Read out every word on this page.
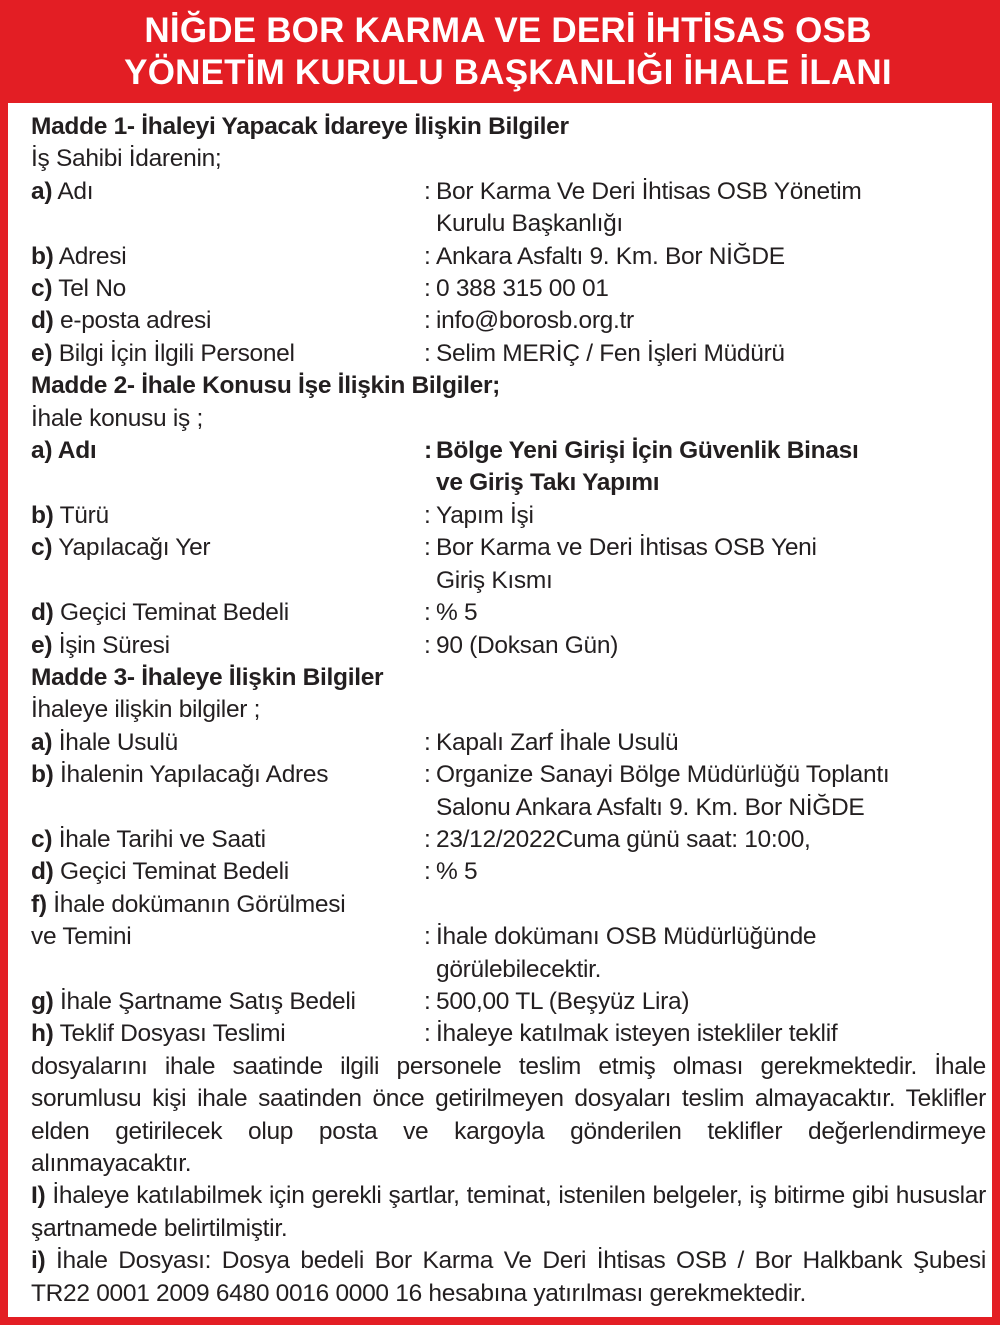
NİĞDE BOR KARMA VE DERİ İHTİSAS OSB
YÖNETİM KURULU BAŞKANLIĞI İHALE İLANI
Madde 1- İhaleyi Yapacak İdareye İlişkin Bilgiler
İş Sahibi İdarenin;
a) Adı	: Bor Karma Ve Deri İhtisas OSB Yönetim
Kurulu Başkanlığı
b) Adresi	: Ankara Asfaltı 9. Km. Bor NİĞDE
c) Tel No	: 0 388 315 00 01
d) e-posta adresi	: info@borosb.org.tr
e) Bilgi İçin İlgili Personel	: Selim MERİÇ / Fen İşleri Müdürü
Madde 2- İhale Konusu İşe İlişkin Bilgiler;
İhale konusu iş ;
a) Adı	: Bölge Yeni Girişi İçin Güvenlik Binası
ve Giriş Takı Yapımı
b) Türü	: Yapım İşi
c) Yapılacağı Yer	: Bor Karma ve Deri İhtisas OSB Yeni
Giriş Kısmı
d) Geçici Teminat Bedeli	: % 5
e) İşin Süresi	: 90 (Doksan Gün)
Madde 3- İhaleye İlişkin Bilgiler
İhaleye ilişkin bilgiler ;
a) İhale Usulü	: Kapalı Zarf İhale Usulü
b) İhalenin Yapılacağı Adres	: Organize Sanayi Bölge Müdürlüğü Toplantı
Salonu Ankara Asfaltı 9. Km. Bor NİĞDE
c) İhale Tarihi ve Saati	: 23/12/2022Cuma günü saat: 10:00,
d) Geçici Teminat Bedeli	: % 5
f) İhale dokümanın Görülmesi
ve Temini	: İhale dokümanı OSB Müdürlüğünde
görülebilecektir.
g) İhale Şartname Satış Bedeli	: 500,00 TL (Beşyüz Lira)
h) Teklif Dosyası Teslimi	: İhaleye katılmak isteyen istekliler teklif
dosyalarını ihale saatinde ilgili personele teslim etmiş olması gerekmektedir. İhale sorumlusu kişi ihale saatinden önce getirilmeyen dosyaları teslim almayacaktır. Teklifler elden getirilecek olup posta ve kargoyla gönderilen teklifler değerlendirmeye alınmayacaktır.
I) İhaleye katılabilmek için gerekli şartlar, teminat, istenilen belgeler, iş bitirme gibi hususlar şartnamede belirtilmiştir.
i) İhale Dosyası: Dosya bedeli Bor Karma Ve Deri İhtisas OSB / Bor Halkbank Şubesi TR22 0001 2009 6480 0016 0000 16 hesabına yatırılması gerekmektedir.
